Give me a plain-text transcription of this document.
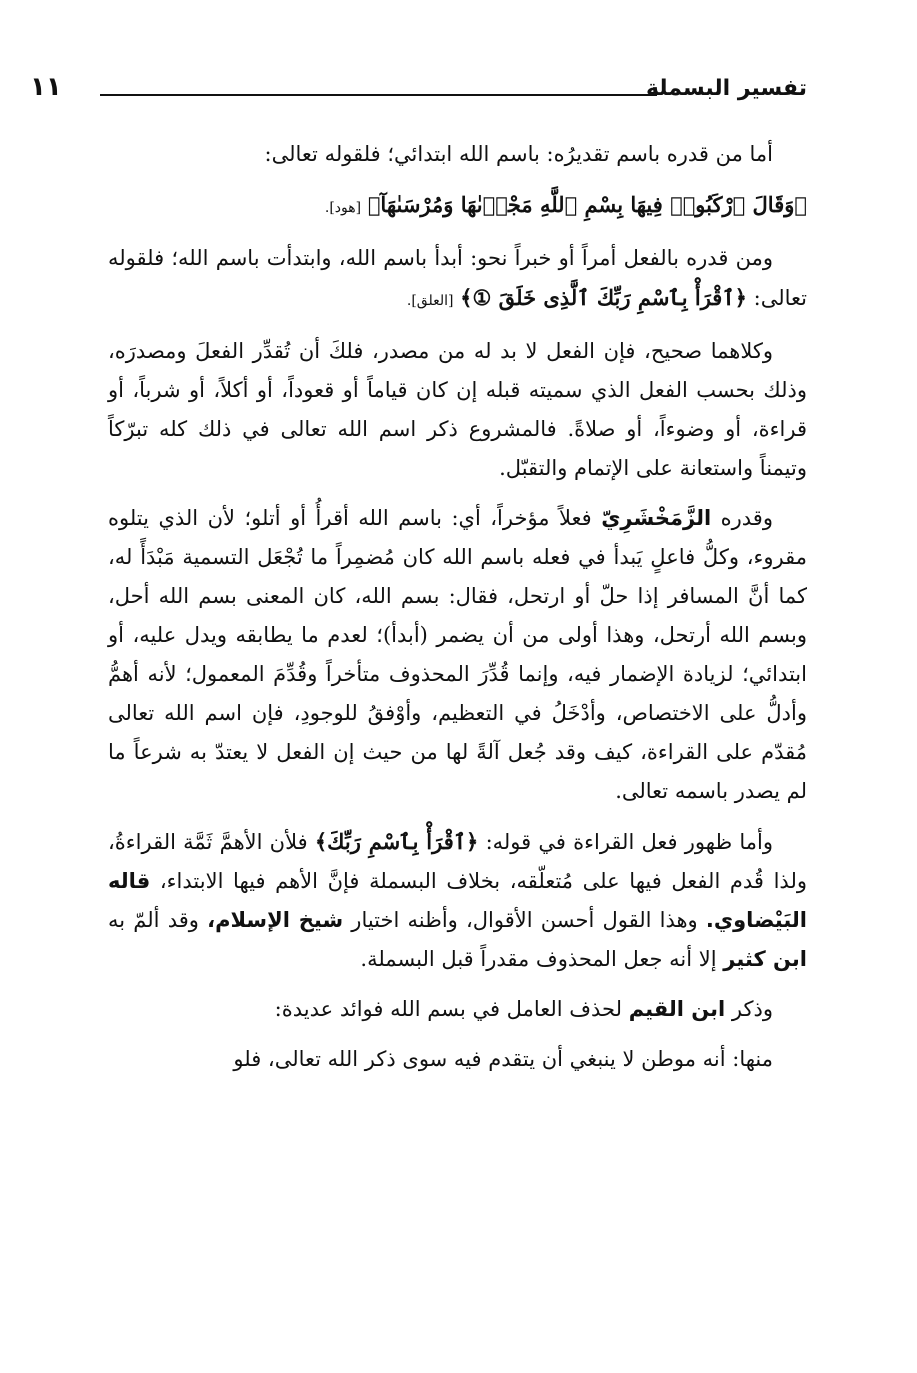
تفسير البسملة
١١

أما من قدره باسم تقديرُه: باسم الله ابتدائي؛ فلقوله تعالى:

﴿وَقَالَ ٱرْكَبُوا۟ فِيهَا بِسْمِ ٱللَّهِ مَجْر۪ىٰهَا وَمُرْسَىٰهَآ﴾ [هود].

ومن قدره بالفعل أمراً أو خبراً نحو: أبدأ باسم الله، وابتدأت باسم الله؛ فلقوله تعالى: ﴿ٱقْرَأْ بِٱسْمِ رَبِّكَ ٱلَّذِى خَلَقَ ①﴾ [العلق].

وكلاهما صحيح، فإن الفعل لا بد له من مصدر، فلكَ أن تُقدِّر الفعلَ ومصدرَه، وذلك بحسب الفعل الذي سميته قبله إن كان قياماً أو قعوداً، أو أكلاً، أو شرباً، أو قراءة، أو وضوءاً، أو صلاةً. فالمشروع ذكر اسم الله تعالى في ذلك كله تبرّكاً وتيمناً واستعانة على الإتمام والتقبّل.

وقدره الزَّمَخْشَرِيّ فعلاً مؤخراً، أي: باسم الله أقرأُ أو أتلو؛ لأن الذي يتلوه مقروء، وكلُّ فاعلٍ يَبدأ في فعله باسم الله كان مُضمِراً ما تُجْعَل التسمية مَبْدَأً له، كما أنَّ المسافر إذا حلّ أو ارتحل، فقال: بسم الله، كان المعنى بسم الله أحل، وبسم الله أرتحل، وهذا أولى من أن يضمر (أبدأ)؛ لعدم ما يطابقه ويدل عليه، أو ابتدائي؛ لزيادة الإضمار فيه، وإنما قُدِّرَ المحذوف متأخراً وقُدِّمَ المعمول؛ لأنه أهمُّ وأدلُّ على الاختصاص، وأدْخَلُ في التعظيم، وأوْفقُ للوجودِ، فإن اسم الله تعالى مُقدّم على القراءة، كيف وقد جُعل آلةً لها من حيث إن الفعل لا يعتدّ به شرعاً ما لم يصدر باسمه تعالى.

وأما ظهور فعل القراءة في قوله: ﴿ٱقْرَأْ بِٱسْمِ رَبِّكَ﴾ فلأن الأهمَّ ثَمَّة القراءةُ، ولذا قُدم الفعل فيها على مُتعلّقه، بخلاف البسملة فإنَّ الأهم فيها الابتداء، قاله البَيْضاوي. وهذا القول أحسن الأقوال، وأظنه اختيار شيخ الإسلام، وقد ألمّ به ابن كثير إلا أنه جعل المحذوف مقدراً قبل البسملة.

وذكر ابن القيم لحذف العامل في بسم الله فوائد عديدة:

منها: أنه موطن لا ينبغي أن يتقدم فيه سوى ذكر الله تعالى، فلو
